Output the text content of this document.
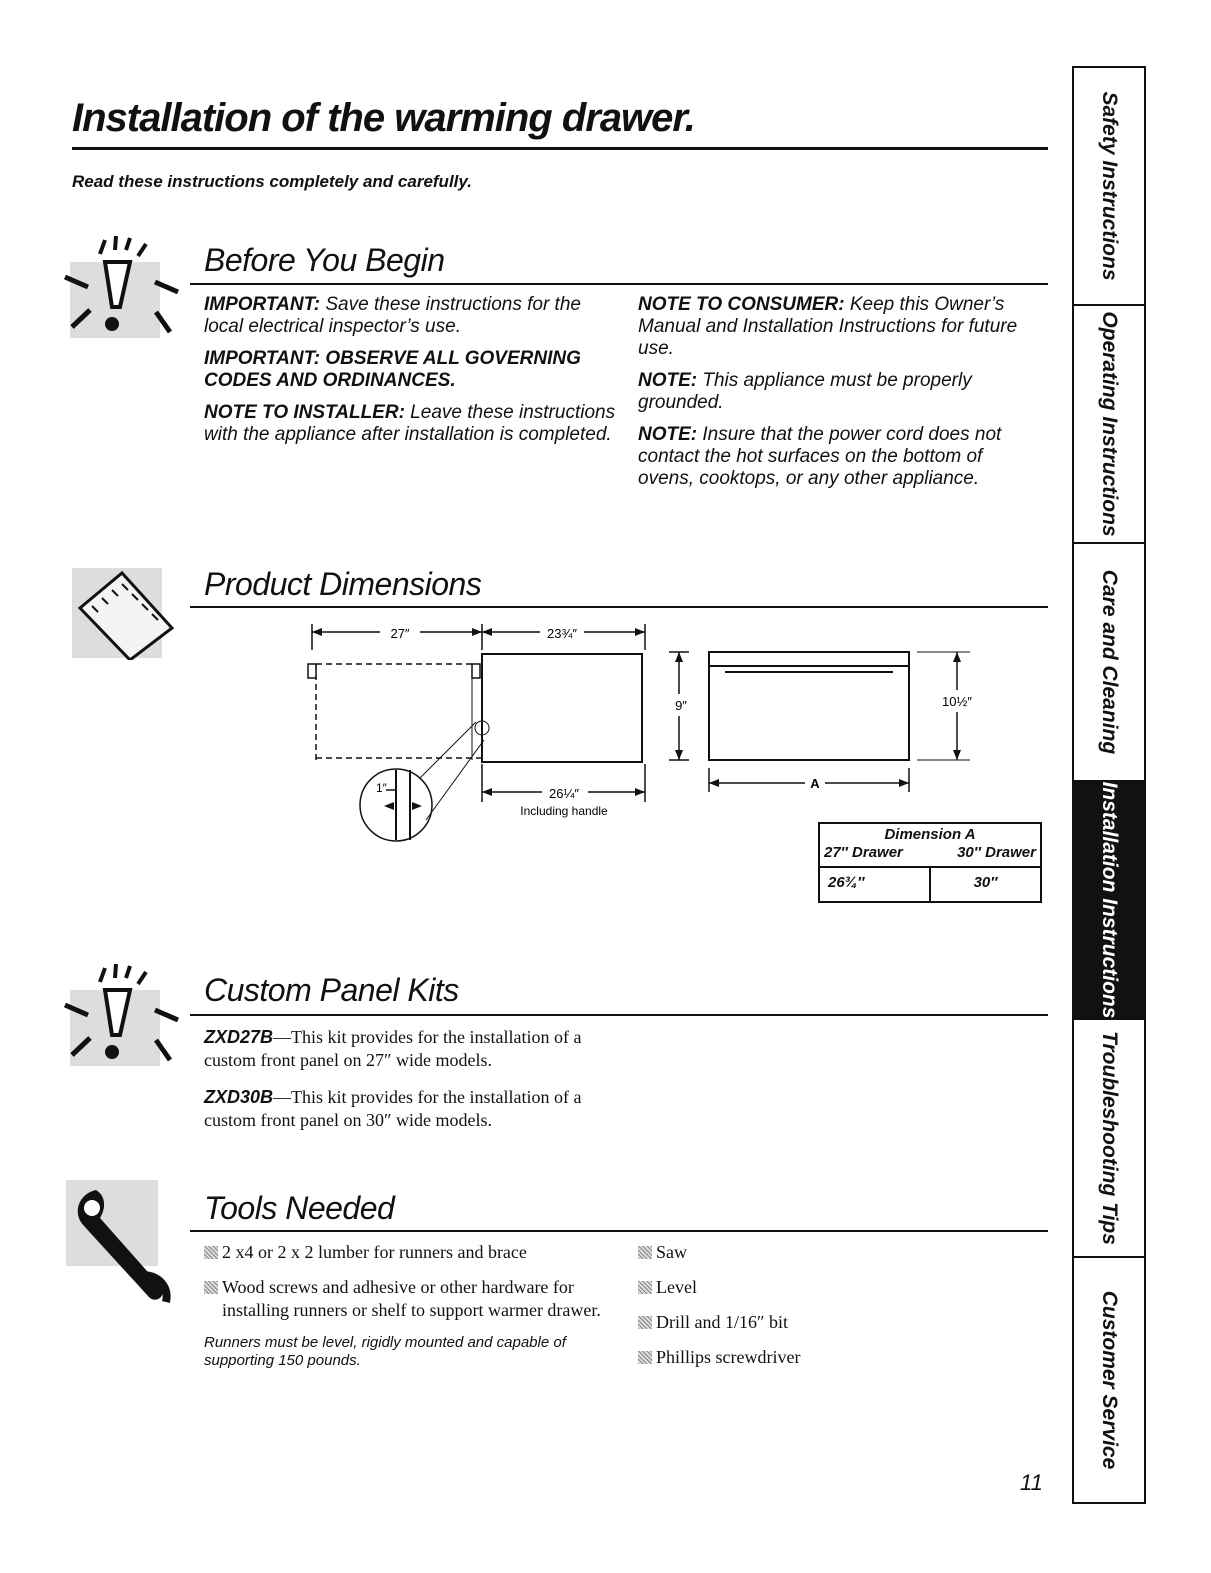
Installation of the warming drawer.
Read these instructions completely and carefully.
Before You Begin

IMPORTANT: Save these instructions for the local electrical inspector’s use.

IMPORTANT: OBSERVE ALL GOVERNING CODES AND ORDINANCES.

NOTE TO INSTALLER: Leave these instructions with the appliance after installation is completed.

NOTE TO CONSUMER: Keep this Owner’s Manual and Installation Instructions for future use.

NOTE: This appliance must be properly grounded.

NOTE: Insure that the power cord does not contact the hot surfaces on the bottom of ovens, cooktops, or any other appliance.

Product Dimensions
27″	23¾″
1″	26¼″
Including handle
9″	10½″
A
Dimension A
27″ Drawer	30″ Drawer
26¾″	30″
Custom Panel Kits

ZXD27B—This kit provides for the installation of a custom front panel on 27″ wide models.

ZXD30B—This kit provides for the installation of a custom front panel on 30″ wide models.

Tools Needed
2 x4 or 2 x 2 lumber for runners and brace
Wood screws and adhesive or other hardware for installing runners or shelf to support warmer drawer.
Runners must be level, rigidly mounted and capable of supporting 150 pounds.
Saw
Level
Drill and 1/16″ bit
Phillips screwdriver
Safety Instructions
Operating Instructions
Care and Cleaning
Installation Instructions
Troubleshooting Tips
Customer Service
11
